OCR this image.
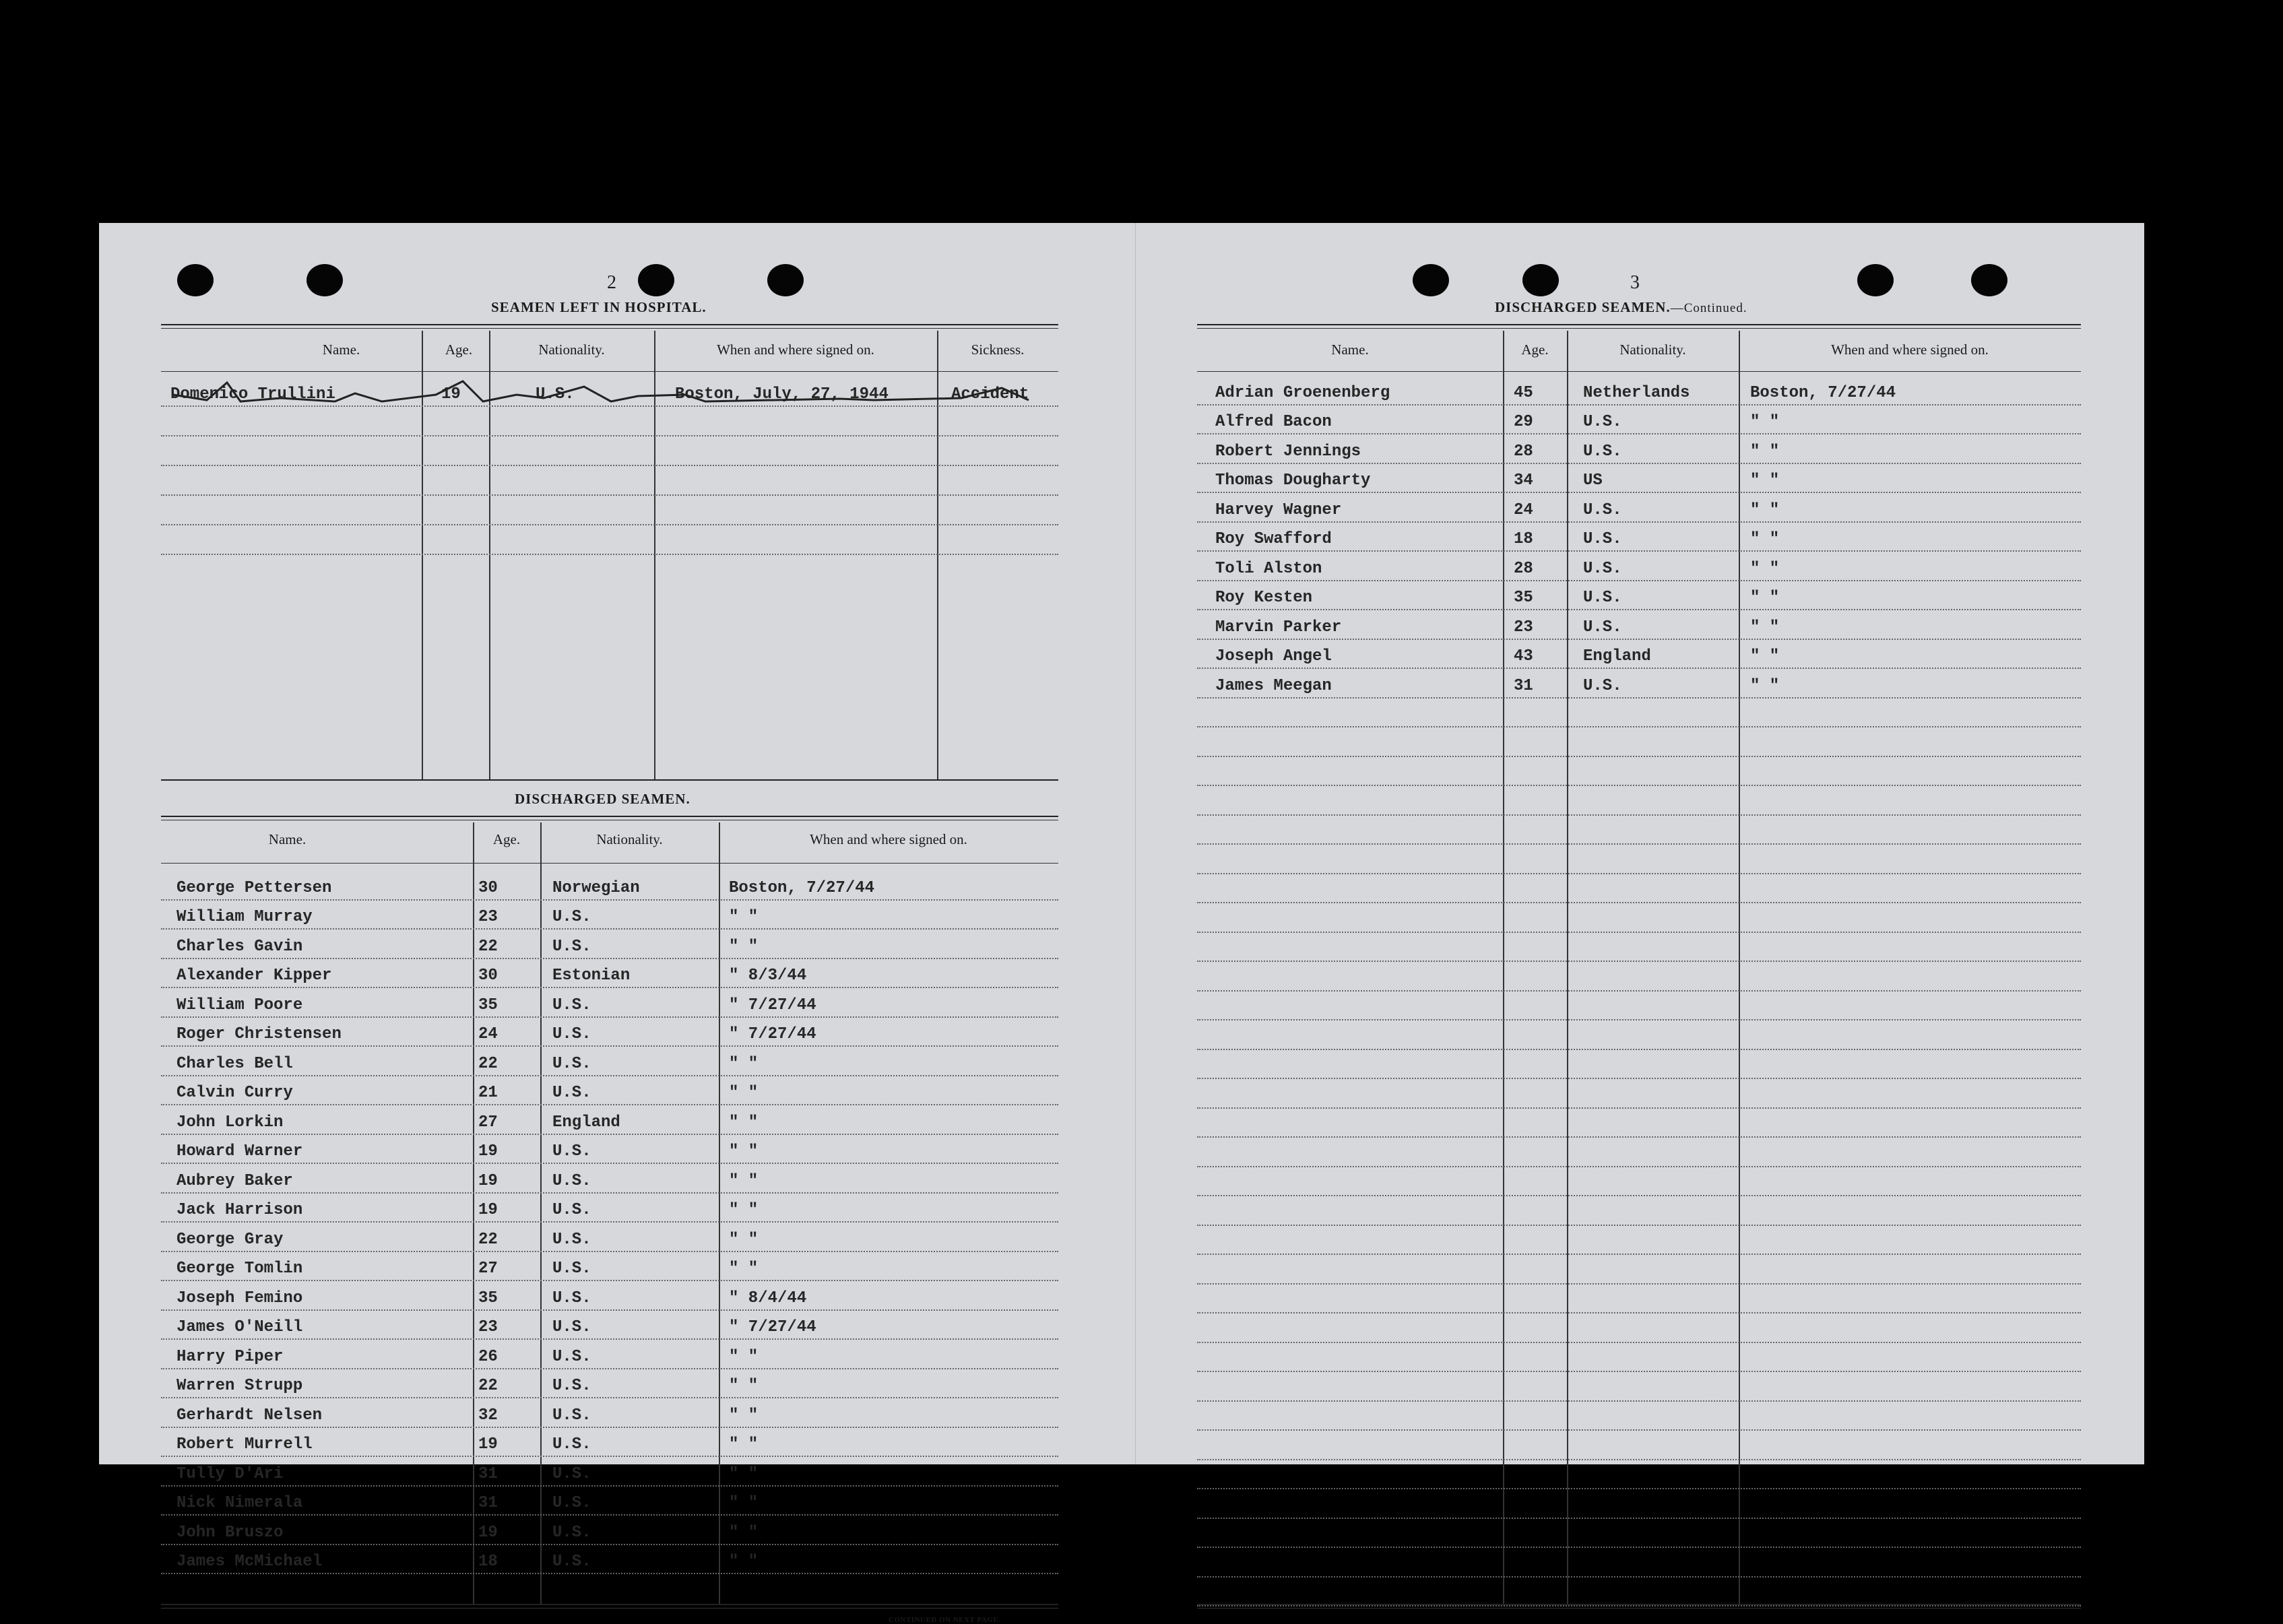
2
SEAMEN LEFT IN HOSPITAL.
Name.	Age.	Nationality.	When and where signed on.	Sickness.
Domenico Trullini	19	U.S.	Boston, July, 27, 1944	Accident
DISCHARGED SEAMEN.
Name.	Age.	Nationality.	When and where signed on.
George Pettersen	30	Norwegian	Boston, 7/27/44
William Murray	23	U.S.	" "
Charles Gavin	22	U.S.	" "
Alexander Kipper	30	Estonian	" 8/3/44
William Poore	35	U.S.	" 7/27/44
Roger Christensen	24	U.S.	" 7/27/44
Charles Bell	22	U.S.	" "
Calvin Curry	21	U.S.	" "
John Lorkin	27	England	" "
Howard Warner	19	U.S.	" "
Aubrey Baker	19	U.S.	" "
Jack Harrison	19	U.S.	" "
George Gray	22	U.S.	" "
George Tomlin	27	U.S.	" "
Joseph Femino	35	U.S.	" 8/4/44
James O'Neill	23	U.S.	" 7/27/44
Harry Piper	26	U.S.	" "
Warren Strupp	22	U.S.	" "
Gerhardt Nelsen	32	U.S.	" "
Robert Murrell	19	U.S.	" "
Tully D'Ari	31	U.S.	" "
Nick Nimerala	31	U.S.	" "
John Bruszo	19	U.S.	" "
James McMichael	18	U.S.	" "
CONTINUED ON NEXT PAGE.
3
DISCHARGED SEAMEN.—Continued.
Name.	Age.	Nationality.	When and where signed on.
Adrian Groenenberg	45	Netherlands	Boston, 7/27/44
Alfred Bacon	29	U.S.	" "
Robert Jennings	28	U.S.	" "
Thomas Dougharty	34	US	" "
Harvey Wagner	24	U.S.	" "
Roy Swafford	18	U.S.	" "
Toli Alston	28	U.S.	" "
Roy Kesten	35	U.S.	" "
Marvin Parker	23	U.S.	" "
Joseph Angel	43	England	" "
James Meegan	31	U.S.	" "
